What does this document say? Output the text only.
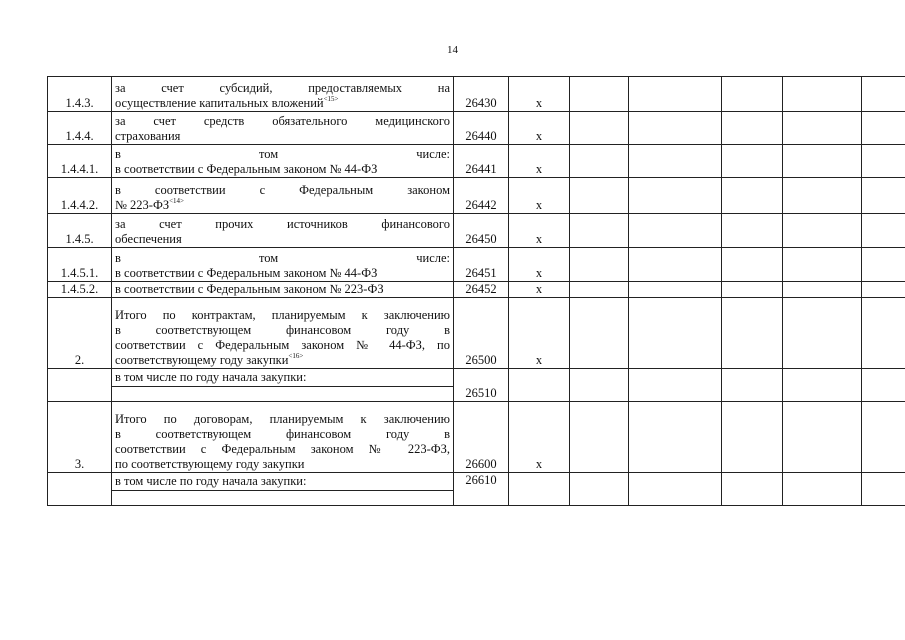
14
1.4.3.	за счет субсидий, предоставляемых на
осуществление капитальных вложений$^{<15>}$	26430	х					
1.4.4.	за счет средств обязательного медицинского
страхования	26440	х					
1.4.4.1.	в том числе:
в соответствии с Федеральным законом № 44-ФЗ	26441	х					
1.4.4.2.	в соответствии с Федеральным законом
№ $223-ФЗ^{<14>}$	26442	х					
1.4.5.	за счет прочих источников финансового
обеспечения	26450	х					
1.4.5.1.	в том числе:
в соответствии с Федеральным законом № 44-ФЗ	26451	х					
1.4.5.2.	в соответствии с Федеральным законом № 223-ФЗ	26452	х					
2.	Итого по контрактам, планируемым к заключению
в соответствующем финансовом году в
соответствии с Федеральным законом № 44-ФЗ, по
соответствующему году закупки$^{<16>}$	26500	х					

	в том числе по году начала закупки:	26510						
3.	Итого по договорам, планируемым к заключению
в соответствующем финансовом году в
соответствии с Федеральным законом № 223-ФЗ,
по соответствующему году закупки	26600	х					

	в том числе по году начала закупки:	26610						
